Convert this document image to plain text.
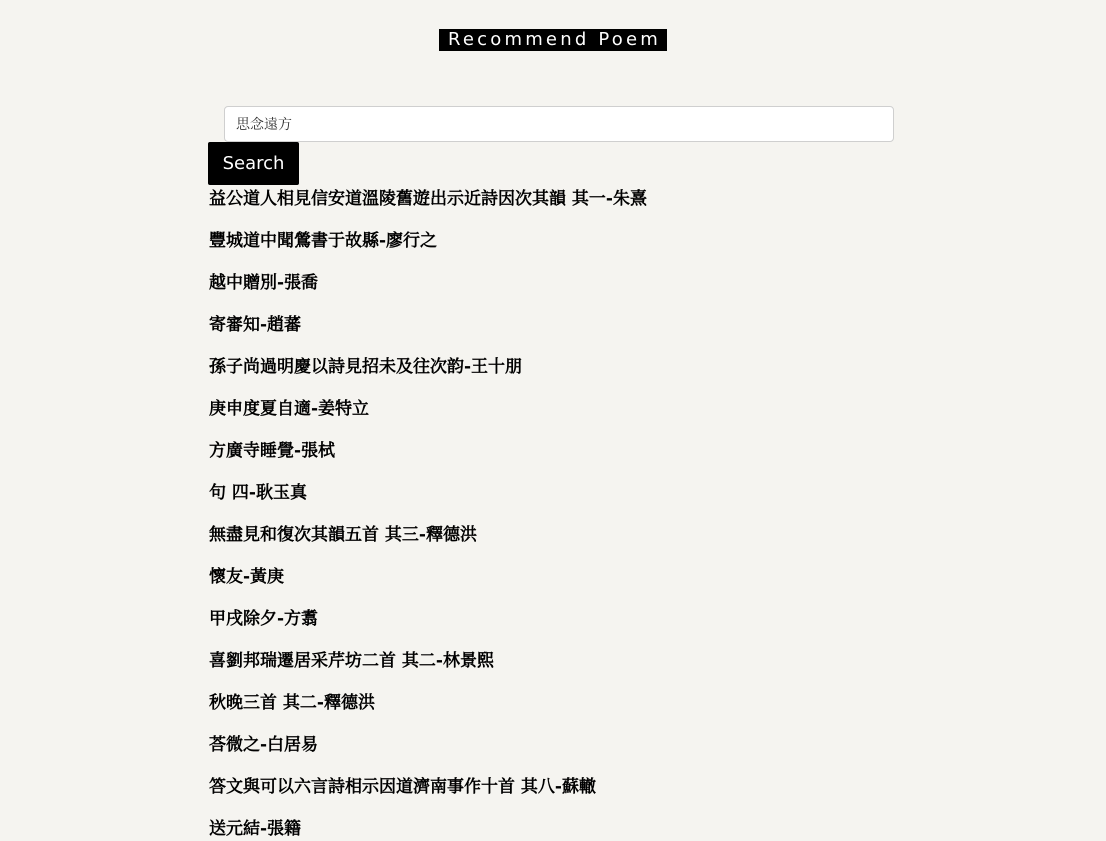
Recommend Poem
思念遠方
Search
益公道人相見信安道溫陵舊遊出示近詩因次其韻 其一-朱熹
豐城道中聞鶯書于故縣-廖行之
越中贈別-張喬
寄審知-趙蕃
孫子尚過明慶以詩見招未及往次韵-王十朋
庚申度夏自適-姜特立
方廣寺睡覺-張栻
句 四-耿玉真
無盡見和復次其韻五首 其三-釋德洪
懷友-黃庚
甲戌除夕-方翥
喜劉邦瑞遷居采芹坊二首 其二-林景熙
秋晚三首 其二-釋德洪
荅微之-白居易
答文與可以六言詩相示因道濟南事作十首 其八-蘇轍
送元結-張籍
